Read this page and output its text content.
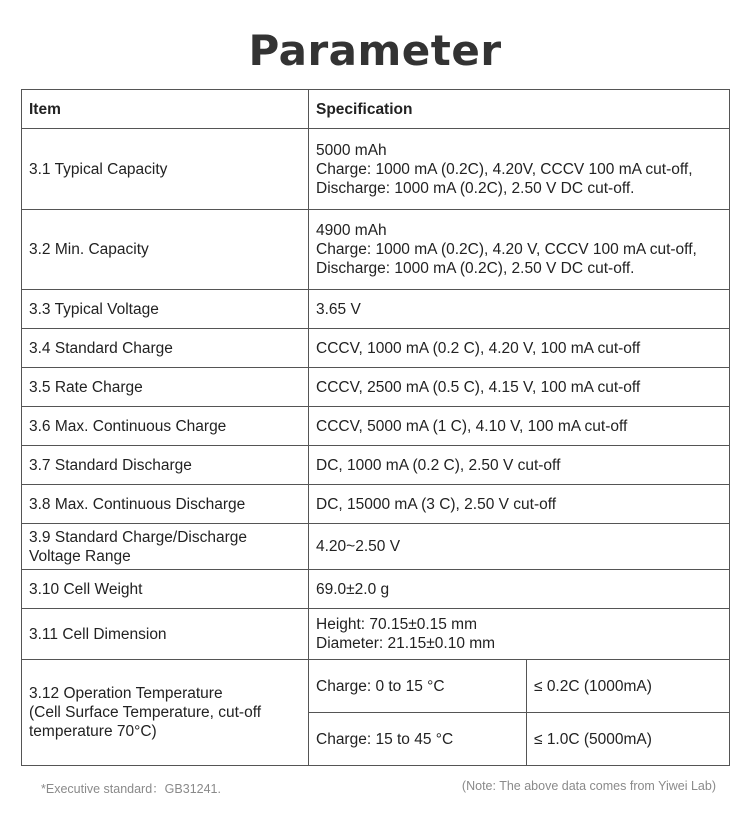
Parameter
Item	Specification	
3.1 Typical Capacity	5000 mAh
Charge: 1000 mA (0.2C), 4.20V, CCCV 100 mA cut-off,
Discharge: 1000 mA (0.2C), 2.50 V DC cut-off.	

3.2 Min. Capacity	4900 mAh
Charge: 1000 mA (0.2C), 4.20 V, CCCV 100 mA cut-off,
Discharge: 1000 mA (0.2C), 2.50 V DC cut-off.	

3.3 Typical Voltage	3.65 V	

3.4 Standard Charge	CCCV, 1000 mA (0.2 C), 4.20 V, 100 mA cut-off	

3.5 Rate Charge	CCCV, 2500 mA (0.5 C), 4.15 V, 100 mA cut-off	

3.6 Max. Continuous Charge	CCCV, 5000 mA (1 C), 4.10 V, 100 mA cut-off	

3.7 Standard Discharge	DC, 1000 mA (0.2 C), 2.50 V cut-off	

3.8 Max. Continuous Discharge	DC, 15000 mA (3 C), 2.50 V cut-off	

3.9 Standard Charge/Discharge
Voltage Range	4.20~2.50 V	

3.10 Cell Weight	69.0±2.0 g	

3.11 Cell Dimension	Height: 70.15±0.15 mm
Diameter: 21.15±0.10 mm	

3.12 Operation Temperature
(Cell Surface Temperature, cut-off
temperature 70°C)	Charge: 0 to 15 °C	≤ 0.2C (1000mA)
	Charge: 15 to 45 °C	≤ 1.0C (5000mA)
*Executive standard：GB31241.	(Note: The above data comes from Yiwei Lab)
